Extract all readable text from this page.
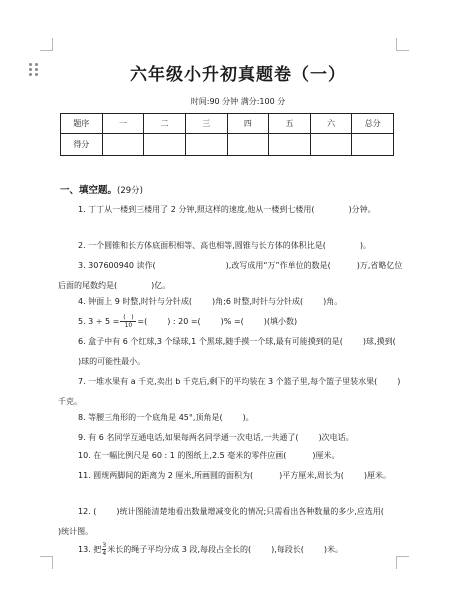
六年级小升初真题卷（一）
时间:90 分钟 满分:100 分
题序	一	二	三	四	五	六	总分
得分							
一、填空题。(29分)
1. 丁丁从一楼到三楼用了 2 分钟,照这样的速度,他从一楼到七楼用(	)分钟。
2. 一个圆锥和长方体底面积相等、高也相等,圆锥与长方体的体积比是(	)。
3. 307600940 读作(	),改写成用“万”作单位的数是(	)万,省略亿位后面的尾数约是(	)亿。
4. 钟面上 9 时整,时针与分针成(	)角;6 时整,时针与分针成(	)角。
5. $3 \div 5 = \frac{( )}{10}$ =(	) : 20 =(	)% =(	)(填小数)
6. 盒子中有 6 个红球,3 个绿球,1 个黑球,随手摸一个球,最有可能摸到的是(	)球,摸到()球的可能性最小。
7. 一堆水果有 a 千克,卖出 b 千克后,剩下的平均装在 3 个篮子里,每个篮子里装水果(	)千克。
8. 等腰三角形的一个底角是 45°,顶角是(	)。
9. 有 6 名同学互通电话,如果每两名同学通一次电话,一共通了(	)次电话。
10. 在一幅比例尺是 60 : 1 的图纸上,2.5 毫米的零件应画(	)厘米。
11. 圆规两脚间的距离为 2 厘米,所画圆的面积为(	)平方厘米,周长为(	)厘米。
12. (	)统计图能清楚地看出数量增减变化的情况;只需看出各种数量的多少,应选用()统计图。
13. 把 $\frac{3}{4}$ 米长的绳子平均分成 3 段,每段占全长的(	),每段长(	)米。
